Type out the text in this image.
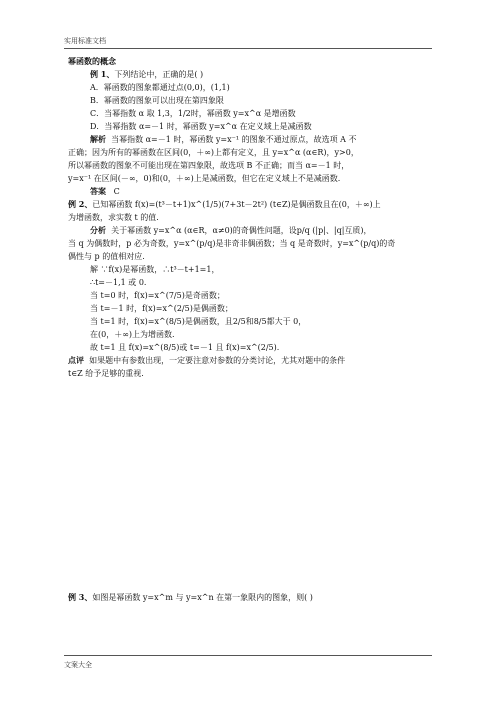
实用标准文档
幂函数的概念
例 1、下列结论中，正确的是( )
A．幂函数的图象都通过点(0,0)，(1,1)
B．幂函数的图象可以出现在第四象限
C．当幂指数 α 取 1,3，1/2时，幂函数 y=x^α 是增函数
D．当幂指数 α=－1 时，幂函数 y=x^α 在定义域上是减函数
解析 当幂指数 α=－1 时，幂函数 y=x⁻¹ 的图象不通过原点，故选项 A 不
正确；因为所有的幂函数在区间(0，＋∞)上都有定义，且 y=x^α (α∈R)，y>0，
所以幂函数的图象不可能出现在第四象限，故选项 B 不正确；而当 α=－1 时，
y=x⁻¹ 在区间(－∞，0)和(0，＋∞)上是减函数，但它在定义域上不是减函数.
答案 C
例 2、已知幂函数 f(x)=(t³－t+1)x^(1/5)(7+3t－2t²) (t∈Z)是偶函数且在(0，＋∞)上
为增函数，求实数 t 的值.
分析 关于幂函数 y=x^α (α∈R，α≠0)的奇偶性问题，设p/q (|p|、|q|互质)，
当 q 为偶数时，p 必为奇数，y=x^(p/q)是非奇非偶函数；当 q 是奇数时，y=x^(p/q)的奇
偶性与 p 的值相对应.
解 ∵f(x)是幂函数，∴t³－t+1=1，
∴t=－1,1 或 0.
当 t=0 时，f(x)=x^(7/5)是奇函数；
当 t=－1 时，f(x)=x^(2/5)是偶函数；
当 t=1 时，f(x)=x^(8/5)是偶函数，且2/5和8/5都大于 0，
在(0，＋∞)上为增函数.
故 t=1 且 f(x)=x^(8/5)或 t=－1 且 f(x)=x^(2/5).
点评 如果题中有参数出现，一定要注意对参数的分类讨论，尤其对题中的条件
t∈Z 给予足够的重视.
例 3、如图是幂函数 y=x^m 与 y=x^n 在第一象限内的图象，则( )
文案大全
